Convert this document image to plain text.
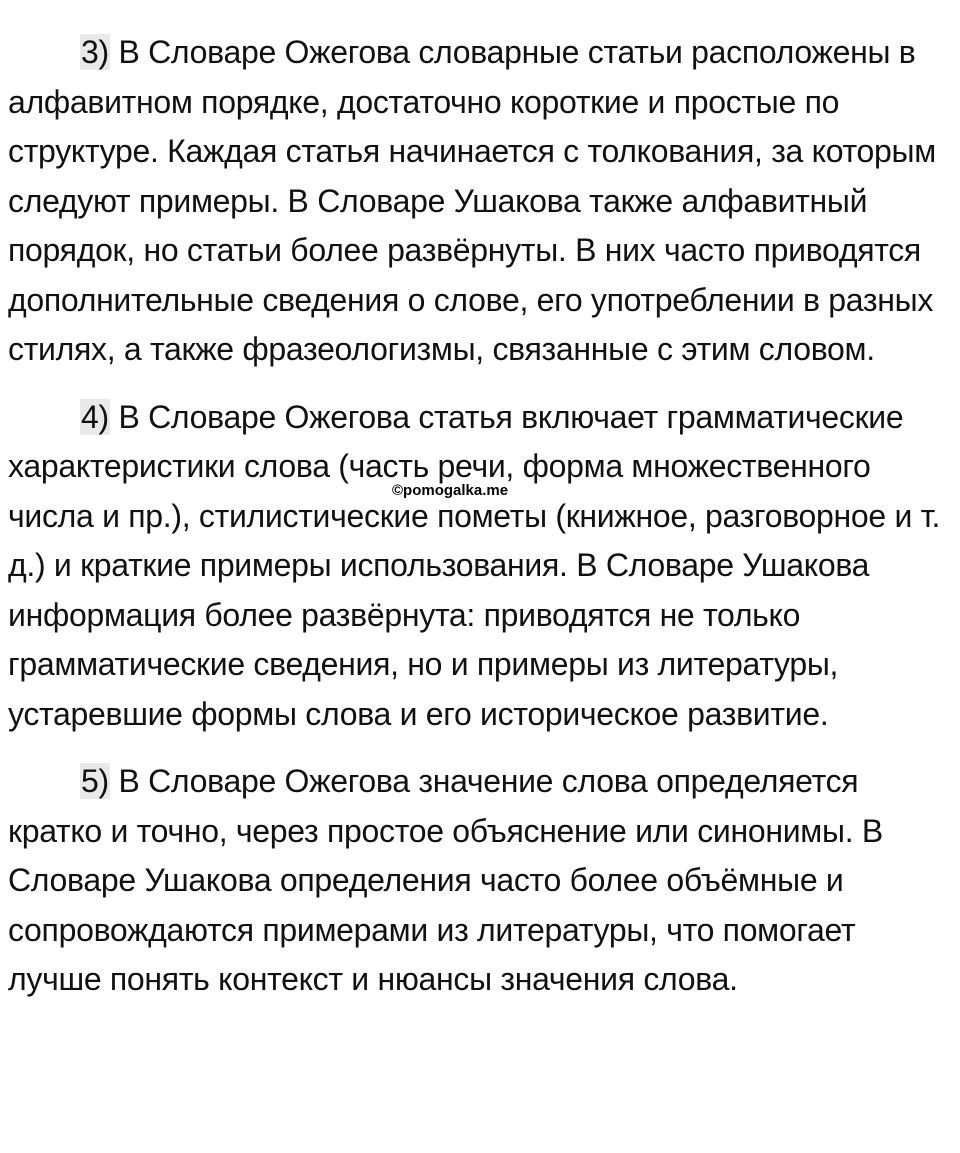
3) В Словаре Ожегова словарные статьи расположены в алфавитном порядке, достаточно короткие и простые по структуре. Каждая статья начинается с толкования, за которым следуют примеры. В Словаре Ушакова также алфавитный порядок, но статьи более развёрнуты. В них часто приводятся дополнительные сведения о слове, его употреблении в разных стилях, а также фразеологизмы, связанные с этим словом.

4) В Словаре Ожегова статья включает грамматические характеристики слова (часть речи, форма множественного числа и пр.), стилистические пометы (книжное, разговорное и т. д.) и краткие примеры использования. В Словаре Ушакова информация более развёрнута: приводятся не только грамматические сведения, но и примеры из литературы, устаревшие формы слова и его историческое развитие.

5) В Словаре Ожегова значение слова определяется кратко и точно, через простое объяснение или синонимы. В Словаре Ушакова определения часто более объёмные и сопровождаются примерами из литературы, что помогает лучше понять контекст и нюансы значения слова.

©pomogalka.me
